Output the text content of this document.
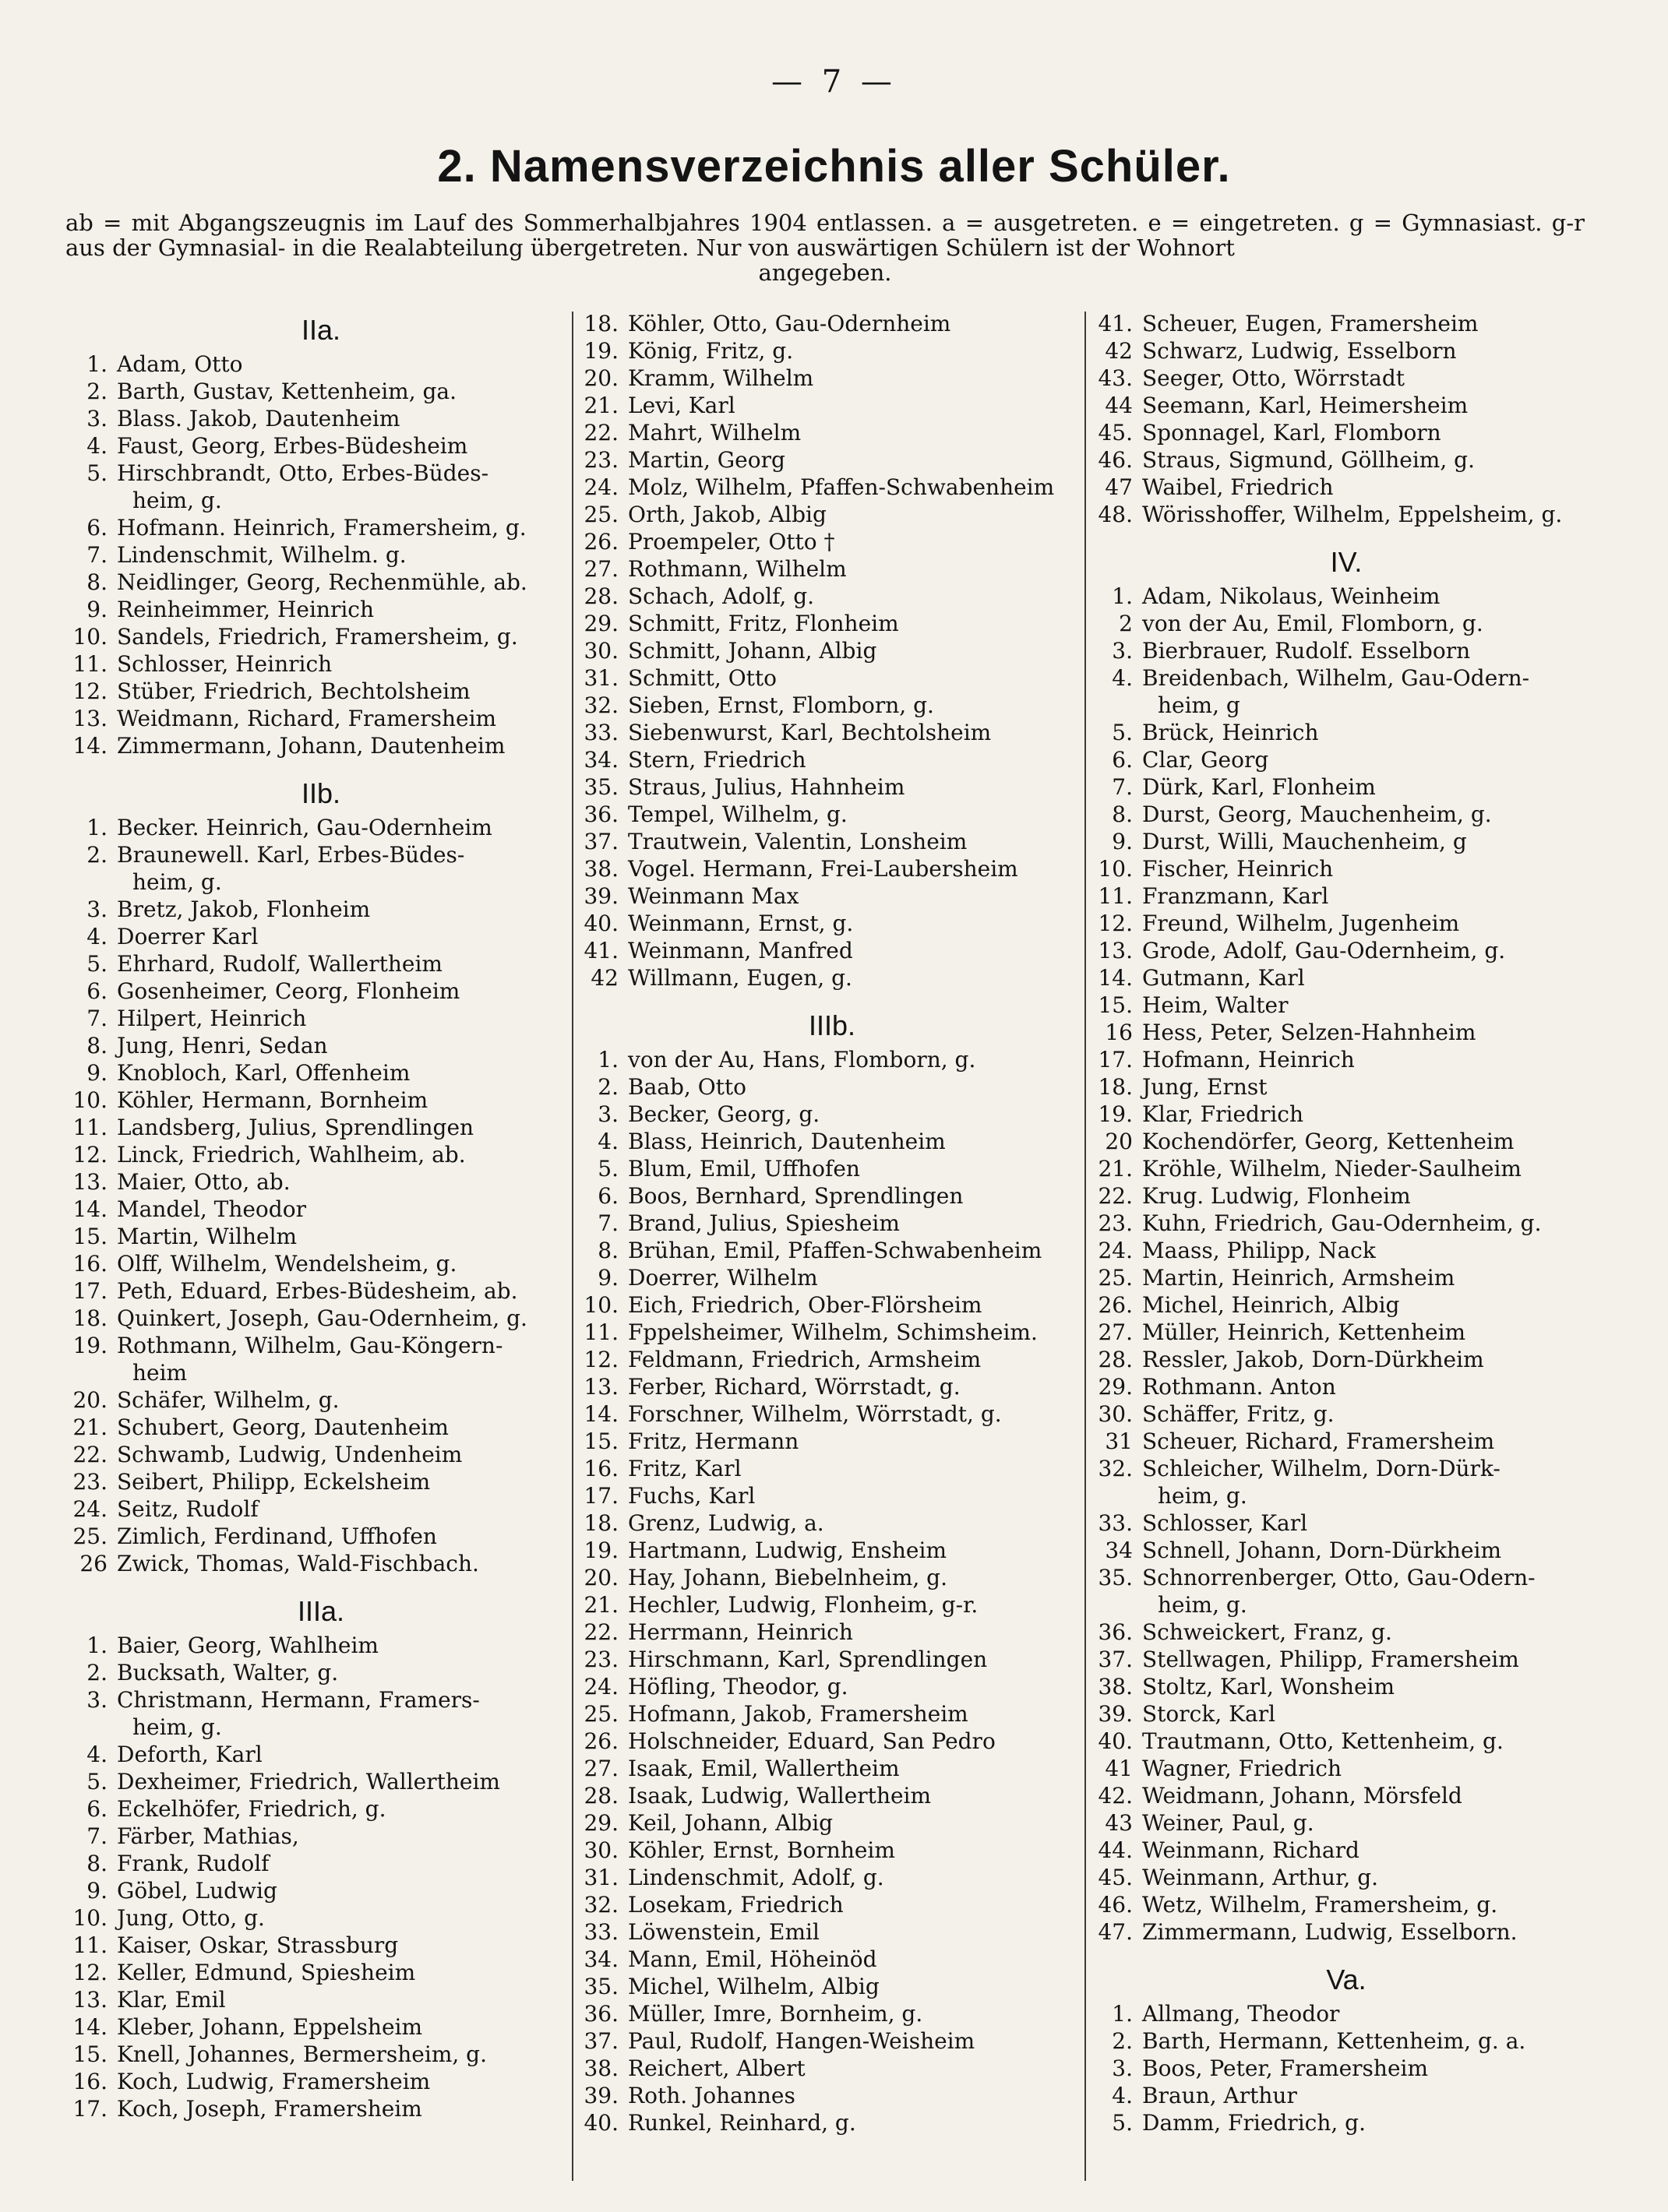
— 7 —
2. Namensverzeichnis aller Schüler.
ab = mit Abgangszeugnis im Lauf des Sommerhalbjahres 1904 entlassen. a = ausgetreten. e = eingetreten. g = Gymnasiast. g-r aus der Gymnasial- in die Realabteilung übergetreten. Nur von auswärtigen Schülern ist der Wohnort
angegeben.
IIa.
1. Adam, Otto
2. Barth, Gustav, Kettenheim, ga.
3. Blass. Jakob, Dautenheim
4. Faust, Georg, Erbes-Büdesheim
5. Hirschbrandt, Otto, Erbes-Büdes-
heim, g.
6. Hofmann. Heinrich, Framersheim, g.
7. Lindenschmit, Wilhelm. g.
8. Neidlinger, Georg, Rechenmühle, ab.
9. Reinheimmer, Heinrich
10. Sandels, Friedrich, Framersheim, g.
11. Schlosser, Heinrich
12. Stüber, Friedrich, Bechtolsheim
13. Weidmann, Richard, Framersheim
14. Zimmermann, Johann, Dautenheim
IIb.
1. Becker. Heinrich, Gau-Odernheim
2. Braunewell. Karl, Erbes-Büdes-
heim, g.
3. Bretz, Jakob, Flonheim
4. Doerrer Karl
5. Ehrhard, Rudolf, Wallertheim
6. Gosenheimer, Ceorg, Flonheim
7. Hilpert, Heinrich
8. Jung, Henri, Sedan
9. Knobloch, Karl, Offenheim
10. Köhler, Hermann, Bornheim
11. Landsberg, Julius, Sprendlingen
12. Linck, Friedrich, Wahlheim, ab.
13. Maier, Otto, ab.
14. Mandel, Theodor
15. Martin, Wilhelm
16. Olff, Wilhelm, Wendelsheim, g.
17. Peth, Eduard, Erbes-Büdesheim, ab.
18. Quinkert, Joseph, Gau-Odernheim, g.
19. Rothmann, Wilhelm, Gau-Köngern-
heim
20. Schäfer, Wilhelm, g.
21. Schubert, Georg, Dautenheim
22. Schwamb, Ludwig, Undenheim
23. Seibert, Philipp, Eckelsheim
24. Seitz, Rudolf
25. Zimlich, Ferdinand, Uffhofen
26 Zwick, Thomas, Wald-Fischbach.
IIIa.
1. Baier, Georg, Wahlheim
2. Bucksath, Walter, g.
3. Christmann, Hermann, Framers-
heim, g.
4. Deforth, Karl
5. Dexheimer, Friedrich, Wallertheim
6. Eckelhöfer, Friedrich, g.
7. Färber, Mathias,
8. Frank, Rudolf
9. Göbel, Ludwig
10. Jung, Otto, g.
11. Kaiser, Oskar, Strassburg
12. Keller, Edmund, Spiesheim
13. Klar, Emil
14. Kleber, Johann, Eppelsheim
15. Knell, Johannes, Bermersheim, g.
16. Koch, Ludwig, Framersheim
17. Koch, Joseph, Framersheim
18. Köhler, Otto, Gau-Odernheim
19. König, Fritz, g.
20. Kramm, Wilhelm
21. Levi, Karl
22. Mahrt, Wilhelm
23. Martin, Georg
24. Molz, Wilhelm, Pfaffen-Schwabenheim
25. Orth, Jakob, Albig
26. Proempeler, Otto †
27. Rothmann, Wilhelm
28. Schach, Adolf, g.
29. Schmitt, Fritz, Flonheim
30. Schmitt, Johann, Albig
31. Schmitt, Otto
32. Sieben, Ernst, Flomborn, g.
33. Siebenwurst, Karl, Bechtolsheim
34. Stern, Friedrich
35. Straus, Julius, Hahnheim
36. Tempel, Wilhelm, g.
37. Trautwein, Valentin, Lonsheim
38. Vogel. Hermann, Frei-Laubersheim
39. Weinmann Max
40. Weinmann, Ernst, g.
41. Weinmann, Manfred
42 Willmann, Eugen, g.
IIIb.
1. von der Au, Hans, Flomborn, g.
2. Baab, Otto
3. Becker, Georg, g.
4. Blass, Heinrich, Dautenheim
5. Blum, Emil, Uffhofen
6. Boos, Bernhard, Sprendlingen
7. Brand, Julius, Spiesheim
8. Brühan, Emil, Pfaffen-Schwabenheim
9. Doerrer, Wilhelm
10. Eich, Friedrich, Ober-Flörsheim
11. Fppelsheimer, Wilhelm, Schimsheim.
12. Feldmann, Friedrich, Armsheim
13. Ferber, Richard, Wörrstadt, g.
14. Forschner, Wilhelm, Wörrstadt, g.
15. Fritz, Hermann
16. Fritz, Karl
17. Fuchs, Karl
18. Grenz, Ludwig, a.
19. Hartmann, Ludwig, Ensheim
20. Hay, Johann, Biebelnheim, g.
21. Hechler, Ludwig, Flonheim, g-r.
22. Herrmann, Heinrich
23. Hirschmann, Karl, Sprendlingen
24. Höfling, Theodor, g.
25. Hofmann, Jakob, Framersheim
26. Holschneider, Eduard, San Pedro
27. Isaak, Emil, Wallertheim
28. Isaak, Ludwig, Wallertheim
29. Keil, Johann, Albig
30. Köhler, Ernst, Bornheim
31. Lindenschmit, Adolf, g.
32. Losekam, Friedrich
33. Löwenstein, Emil
34. Mann, Emil, Höheinöd
35. Michel, Wilhelm, Albig
36. Müller, Imre, Bornheim, g.
37. Paul, Rudolf, Hangen-Weisheim
38. Reichert, Albert
39. Roth. Johannes
40. Runkel, Reinhard, g.
41. Scheuer, Eugen, Framersheim
42 Schwarz, Ludwig, Esselborn
43. Seeger, Otto, Wörrstadt
44 Seemann, Karl, Heimersheim
45. Sponnagel, Karl, Flomborn
46. Straus, Sigmund, Göllheim, g.
47 Waibel, Friedrich
48. Wörisshoffer, Wilhelm, Eppelsheim, g.
IV.
1. Adam, Nikolaus, Weinheim
2 von der Au, Emil, Flomborn, g.
3. Bierbrauer, Rudolf. Esselborn
4. Breidenbach, Wilhelm, Gau-Odern-
heim, g
5. Brück, Heinrich
6. Clar, Georg
7. Dürk, Karl, Flonheim
8. Durst, Georg, Mauchenheim, g.
9. Durst, Willi, Mauchenheim, g
10. Fischer, Heinrich
11. Franzmann, Karl
12. Freund, Wilhelm, Jugenheim
13. Grode, Adolf, Gau-Odernheim, g.
14. Gutmann, Karl
15. Heim, Walter
16 Hess, Peter, Selzen-Hahnheim
17. Hofmann, Heinrich
18. Jung, Ernst
19. Klar, Friedrich
20 Kochendörfer, Georg, Kettenheim
21. Kröhle, Wilhelm, Nieder-Saulheim
22. Krug. Ludwig, Flonheim
23. Kuhn, Friedrich, Gau-Odernheim, g.
24. Maass, Philipp, Nack
25. Martin, Heinrich, Armsheim
26. Michel, Heinrich, Albig
27. Müller, Heinrich, Kettenheim
28. Ressler, Jakob, Dorn-Dürkheim
29. Rothmann. Anton
30. Schäffer, Fritz, g.
31 Scheuer, Richard, Framersheim
32. Schleicher, Wilhelm, Dorn-Dürk-
heim, g.
33. Schlosser, Karl
34 Schnell, Johann, Dorn-Dürkheim
35. Schnorrenberger, Otto, Gau-Odern-
heim, g.
36. Schweickert, Franz, g.
37. Stellwagen, Philipp, Framersheim
38. Stoltz, Karl, Wonsheim
39. Storck, Karl
40. Trautmann, Otto, Kettenheim, g.
41 Wagner, Friedrich
42. Weidmann, Johann, Mörsfeld
43 Weiner, Paul, g.
44. Weinmann, Richard
45. Weinmann, Arthur, g.
46. Wetz, Wilhelm, Framersheim, g.
47. Zimmermann, Ludwig, Esselborn.
Va.
1. Allmang, Theodor
2. Barth, Hermann, Kettenheim, g. a.
3. Boos, Peter, Framersheim
4. Braun, Arthur
5. Damm, Friedrich, g.
